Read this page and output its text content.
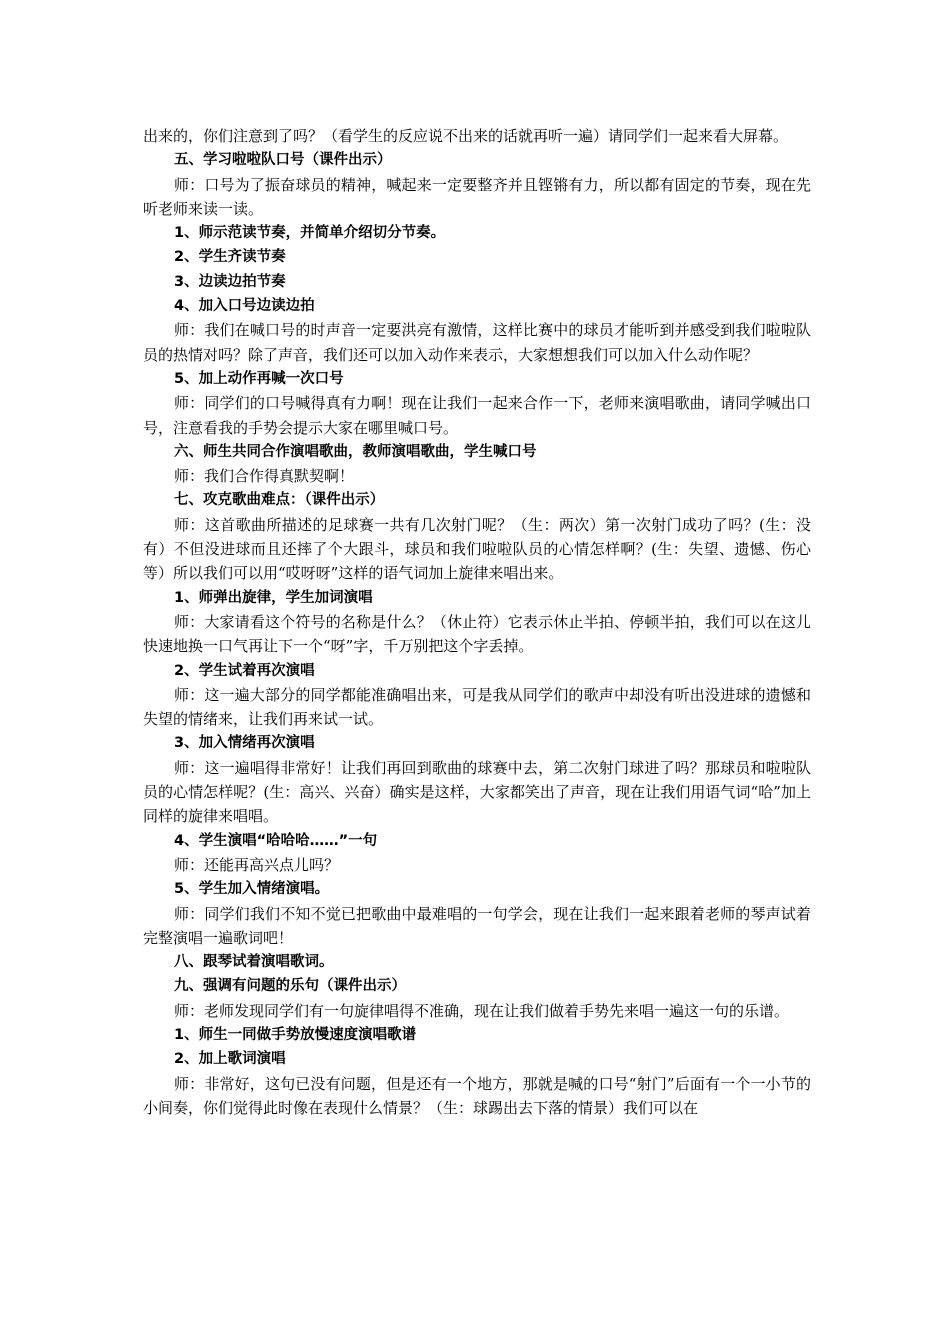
出来的，你们注意到了吗？（看学生的反应说不出来的话就再听一遍）请同学们一起来看大屏幕。

五、学习啦啦队口号（课件出示）

师：口号为了振奋球员的精神，喊起来一定要整齐并且铿锵有力，所以都有固定的节奏，现在先听老师来读一读。

1、师示范读节奏，并简单介绍切分节奏。

2、学生齐读节奏

3、边读边拍节奏

4、加入口号边读边拍

师：我们在喊口号的时声音一定要洪亮有激情，这样比赛中的球员才能听到并感受到我们啦啦队员的热情对吗？除了声音，我们还可以加入动作来表示，大家想想我们可以加入什么动作呢？

5、加上动作再喊一次口号

师：同学们的口号喊得真有力啊！现在让我们一起来合作一下，老师来演唱歌曲，请同学喊出口号，注意看我的手势会提示大家在哪里喊口号。

六、师生共同合作演唱歌曲，教师演唱歌曲，学生喊口号

师：我们合作得真默契啊！

七、攻克歌曲难点：（课件出示）

师：这首歌曲所描述的足球赛一共有几次射门呢？（生：两次）第一次射门成功了吗？(生：没有）不但没进球而且还摔了个大跟斗，球员和我们啦啦队员的心情怎样啊？(生：失望、遗憾、伤心等）所以我们可以用“哎呀呀”这样的语气词加上旋律来唱出来。

1、师弹出旋律，学生加词演唱

师：大家请看这个符号的名称是什么？（休止符）它表示休止半拍、停顿半拍，我们可以在这儿快速地换一口气再让下一个“呀”字，千万别把这个字丢掉。

2、学生试着再次演唱

师：这一遍大部分的同学都能准确唱出来，可是我从同学们的歌声中却没有听出没进球的遗憾和失望的情绪来，让我们再来试一试。

3、加入情绪再次演唱

师：这一遍唱得非常好！让我们再回到歌曲的球赛中去，第二次射门球进了吗？那球员和啦啦队员的心情怎样呢？(生：高兴、兴奋）确实是这样，大家都笑出了声音，现在让我们用语气词“哈”加上同样的旋律来唱唱。

4、学生演唱“哈哈哈……”一句

师：还能再高兴点儿吗？

5、学生加入情绪演唱。

师：同学们我们不知不觉已把歌曲中最难唱的一句学会，现在让我们一起来跟着老师的琴声试着完整演唱一遍歌词吧！

八、跟琴试着演唱歌词。

九、强调有问题的乐句（课件出示）

师：老师发现同学们有一句旋律唱得不准确，现在让我们做着手势先来唱一遍这一句的乐谱。

1、师生一同做手势放慢速度演唱歌谱

2、加上歌词演唱

师：非常好，这句已没有问题，但是还有一个地方，那就是喊的口号“射门”后面有一个一小节的小间奏，你们觉得此时像在表现什么情景？（生：球踢出去下落的情景）我们可以在
